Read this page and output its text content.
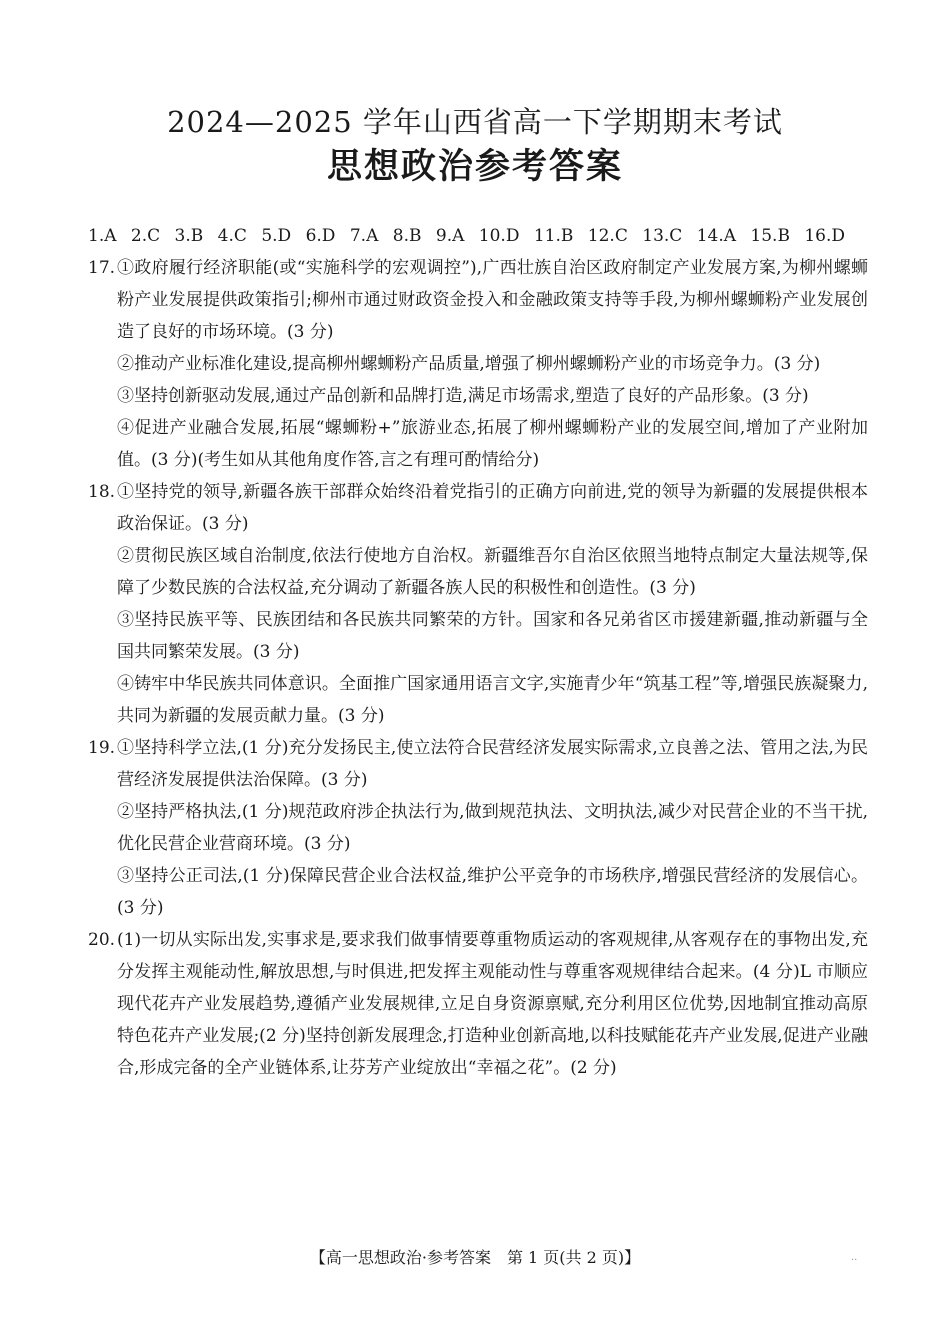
2024—2025 学年山西省高一下学期期末考试
思想政治参考答案
1.A 2.C 3.B 4.C 5.D 6.D 7.A 8.B 9.A 10.D 11.B 12.C 13.C 14.A 15.B 16.D
17. ①政府履行经济职能(或“实施科学的宏观调控”),广西壮族自治区政府制定产业发展方案,为柳州螺蛳粉产业发展提供政策指引;柳州市通过财政资金投入和金融政策支持等手段,为柳州螺蛳粉产业发展创造了良好的市场环境。(3 分)
②推动产业标准化建设,提高柳州螺蛳粉产品质量,增强了柳州螺蛳粉产业的市场竞争力。(3 分)
③坚持创新驱动发展,通过产品创新和品牌打造,满足市场需求,塑造了良好的产品形象。(3 分)
④促进产业融合发展,拓展“螺蛳粉+”旅游业态,拓展了柳州螺蛳粉产业的发展空间,增加了产业附加值。(3 分)(考生如从其他角度作答,言之有理可酌情给分)
18. ①坚持党的领导,新疆各族干部群众始终沿着党指引的正确方向前进,党的领导为新疆的发展提供根本政治保证。(3 分)
②贯彻民族区域自治制度,依法行使地方自治权。新疆维吾尔自治区依照当地特点制定大量法规等,保障了少数民族的合法权益,充分调动了新疆各族人民的积极性和创造性。(3 分)
③坚持民族平等、民族团结和各民族共同繁荣的方针。国家和各兄弟省区市援建新疆,推动新疆与全国共同繁荣发展。(3 分)
④铸牢中华民族共同体意识。全面推广国家通用语言文字,实施青少年“筑基工程”等,增强民族凝聚力,共同为新疆的发展贡献力量。(3 分)
19. ①坚持科学立法,(1 分)充分发扬民主,使立法符合民营经济发展实际需求,立良善之法、管用之法,为民营经济发展提供法治保障。(3 分)
②坚持严格执法,(1 分)规范政府涉企执法行为,做到规范执法、文明执法,减少对民营企业的不当干扰,优化民营企业营商环境。(3 分)
③坚持公正司法,(1 分)保障民营企业合法权益,维护公平竞争的市场秩序,增强民营经济的发展信心。(3 分)
20. (1)一切从实际出发,实事求是,要求我们做事情要尊重物质运动的客观规律,从客观存在的事物出发,充分发挥主观能动性,解放思想,与时俱进,把发挥主观能动性与尊重客观规律结合起来。(4 分)L 市顺应现代花卉产业发展趋势,遵循产业发展规律,立足自身资源禀赋,充分利用区位优势,因地制宜推动高原特色花卉产业发展;(2 分)坚持创新发展理念,打造种业创新高地,以科技赋能花卉产业发展,促进产业融合,形成完备的全产业链体系,让芬芳产业绽放出“幸福之花”。(2 分)
【高一思想政治·参考答案　第 1 页(共 2 页)】	··
